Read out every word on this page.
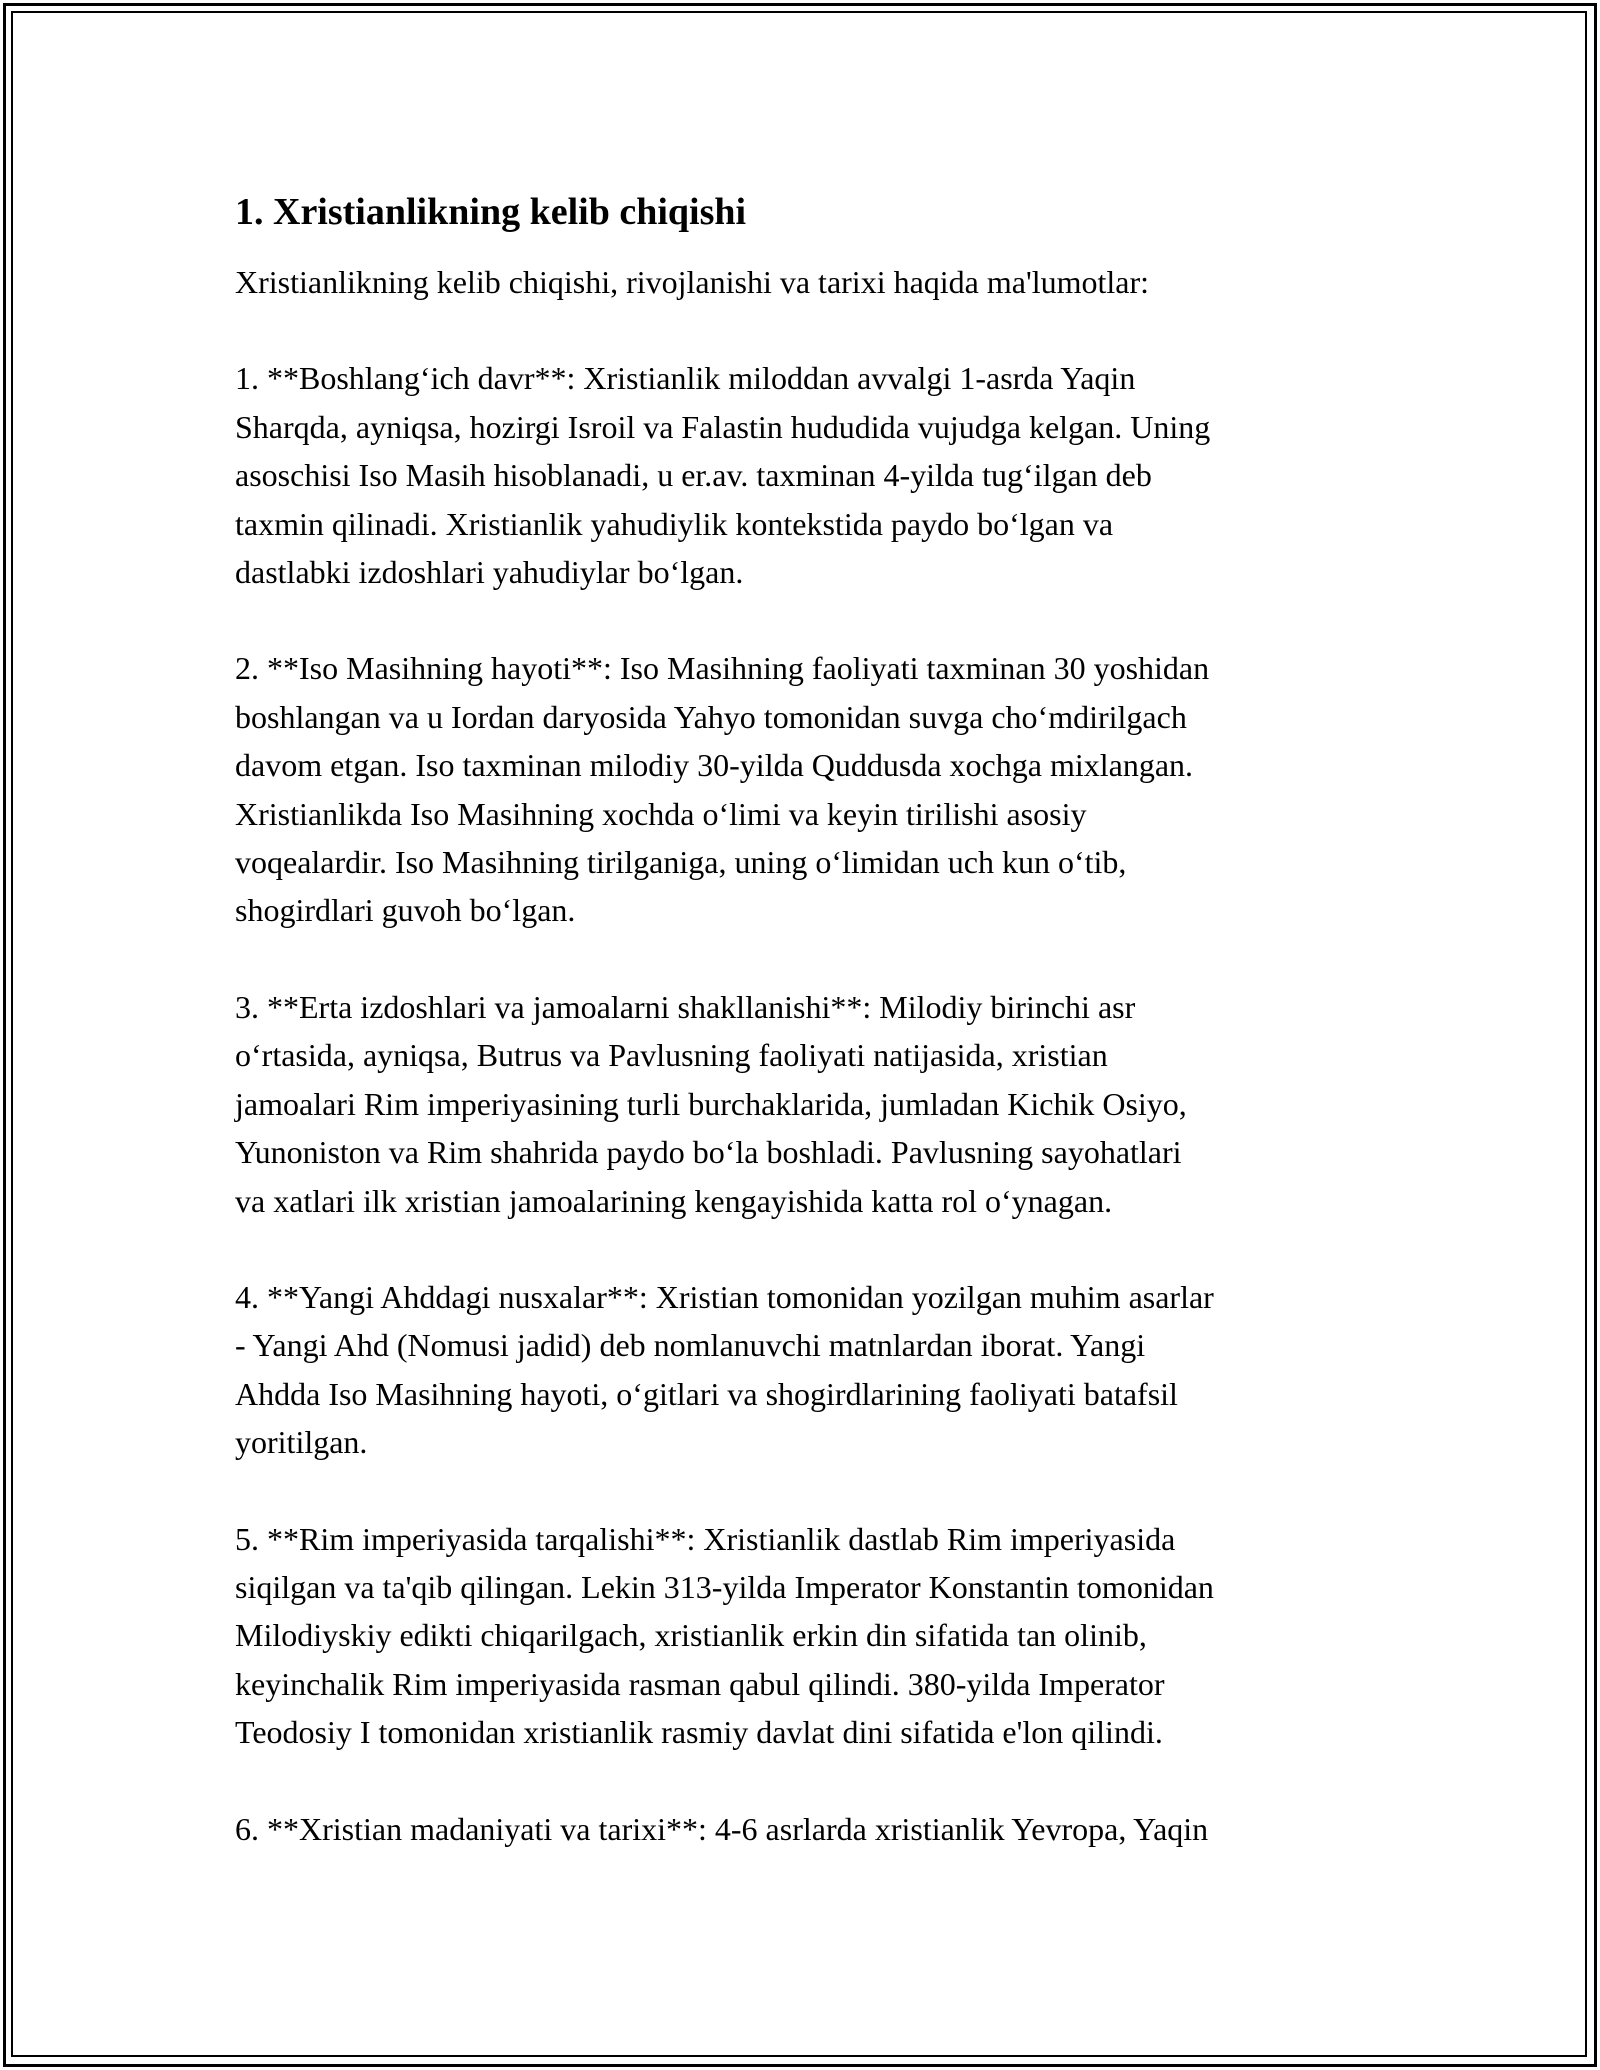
1. Xristianlikning kelib chiqishi

Xristianlikning kelib chiqishi, rivojlanishi va tarixi haqida ma'lumotlar:

1. **Boshlang‘ich davr**: Xristianlik miloddan avvalgi 1-asrda Yaqin
Sharqda, ayniqsa, hozirgi Isroil va Falastin hududida vujudga kelgan. Uning
asoschisi Iso Masih hisoblanadi, u er.av. taxminan 4-yilda tug‘ilgan deb
taxmin qilinadi. Xristianlik yahudiylik kontekstida paydo bo‘lgan va
dastlabki izdoshlari yahudiylar bo‘lgan.
2. **Iso Masihning hayoti**: Iso Masihning faoliyati taxminan 30 yoshidan
boshlangan va u Iordan daryosida Yahyo tomonidan suvga cho‘mdirilgach
davom etgan. Iso taxminan milodiy 30-yilda Quddusda xochga mixlangan.
Xristianlikda Iso Masihning xochda o‘limi va keyin tirilishi asosiy
voqealardir. Iso Masihning tirilganiga, uning o‘limidan uch kun o‘tib,
shogirdlari guvoh bo‘lgan.
3. **Erta izdoshlari va jamoalarni shakllanishi**: Milodiy birinchi asr
o‘rtasida, ayniqsa, Butrus va Pavlusning faoliyati natijasida, xristian
jamoalari Rim imperiyasining turli burchaklarida, jumladan Kichik Osiyo,
Yunoniston va Rim shahrida paydo bo‘la boshladi. Pavlusning sayohatlari
va xatlari ilk xristian jamoalarining kengayishida katta rol o‘ynagan.
4. **Yangi Ahddagi nusxalar**: Xristian tomonidan yozilgan muhim asarlar
- Yangi Ahd (Nomusi jadid) deb nomlanuvchi matnlardan iborat. Yangi
Ahdda Iso Masihning hayoti, o‘gitlari va shogirdlarining faoliyati batafsil
yoritilgan.
5. **Rim imperiyasida tarqalishi**: Xristianlik dastlab Rim imperiyasida
siqilgan va ta'qib qilingan. Lekin 313-yilda Imperator Konstantin tomonidan
Milodiyskiy edikti chiqarilgach, xristianlik erkin din sifatida tan olinib,
keyinchalik Rim imperiyasida rasman qabul qilindi. 380-yilda Imperator
Teodosiy I tomonidan xristianlik rasmiy davlat dini sifatida e'lon qilindi.
6. **Xristian madaniyati va tarixi**: 4-6 asrlarda xristianlik Yevropa, Yaqin
